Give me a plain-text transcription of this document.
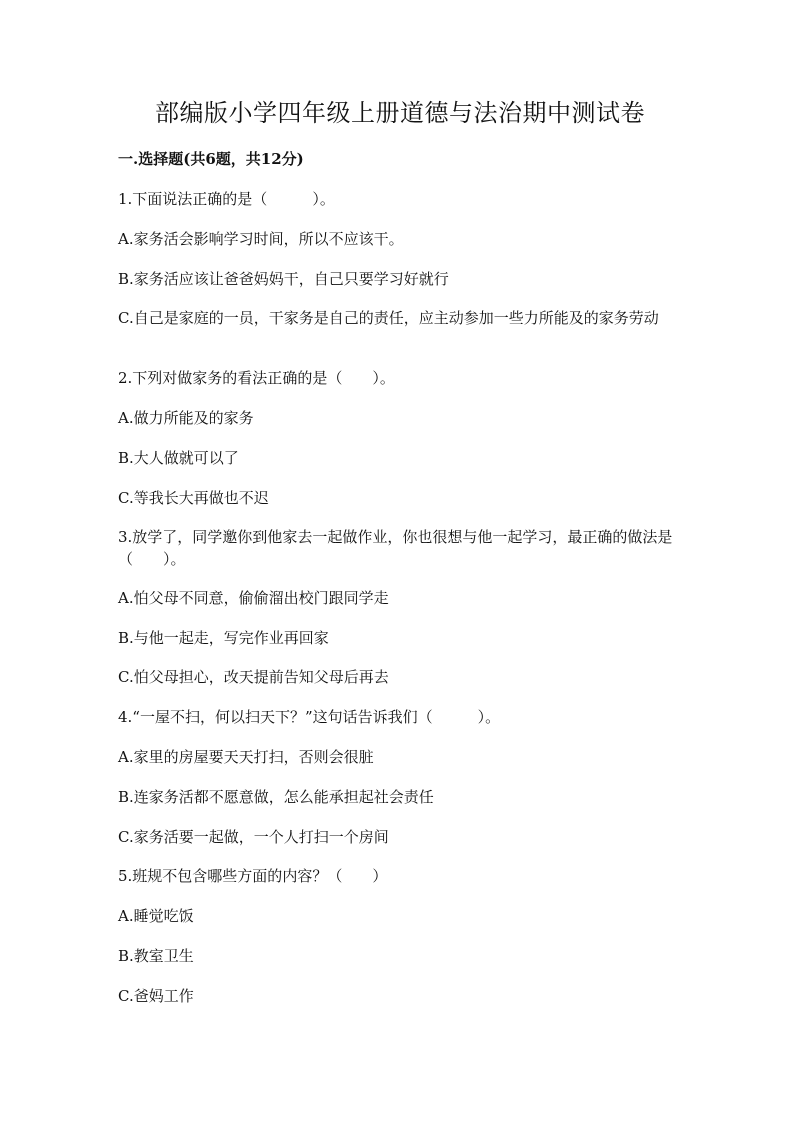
部编版小学四年级上册道德与法治期中测试卷
一.选择题(共6题，共12分)
1.下面说法正确的是（　　　）。
A.家务活会影响学习时间，所以不应该干。
B.家务活应该让爸爸妈妈干，自己只要学习好就行
C.自己是家庭的一员，干家务是自己的责任，应主动参加一些力所能及的家务劳动
2.下列对做家务的看法正确的是（　　）。
A.做力所能及的家务
B.大人做就可以了
C.等我长大再做也不迟
3.放学了，同学邀你到他家去一起做作业，你也很想与他一起学习，最正确的做法是（　　）。
A.怕父母不同意，偷偷溜出校门跟同学走
B.与他一起走，写完作业再回家
C.怕父母担心，改天提前告知父母后再去
4.“一屋不扫，何以扫天下？”这句话告诉我们（　　　）。
A.家里的房屋要天天打扫，否则会很脏
B.连家务活都不愿意做，怎么能承担起社会责任
C.家务活要一起做，一个人打扫一个房间
5.班规不包含哪些方面的内容？（　　）
A.睡觉吃饭
B.教室卫生
C.爸妈工作
